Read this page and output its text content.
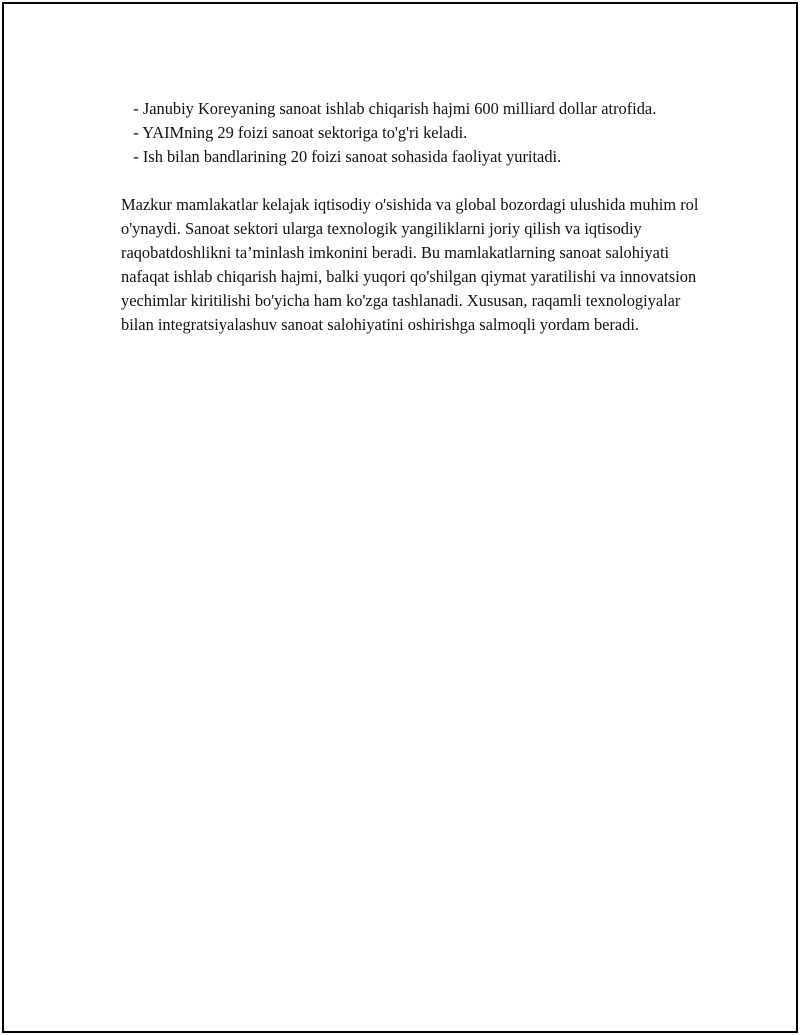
- Janubiy Koreyaning sanoat ishlab chiqarish hajmi 600 milliard dollar atrofida.
- YAIMning 29 foizi sanoat sektoriga to'g'ri keladi.
- Ish bilan bandlarining 20 foizi sanoat sohasida faoliyat yuritadi.

Mazkur mamlakatlar kelajak iqtisodiy o'sishida va global bozordagi ulushida muhim rol o'ynaydi. Sanoat sektori ularga texnologik yangiliklarni joriy qilish va iqtisodiy raqobatdoshlikni ta’minlash imkonini beradi. Bu mamlakatlarning sanoat salohiyati nafaqat ishlab chiqarish hajmi, balki yuqori qo'shilgan qiymat yaratilishi va innovatsion yechimlar kiritilishi bo'yicha ham ko'zga tashlanadi. Xususan, raqamli texnologiyalar bilan integratsiyalashuv sanoat salohiyatini oshirishga salmoqli yordam beradi.
